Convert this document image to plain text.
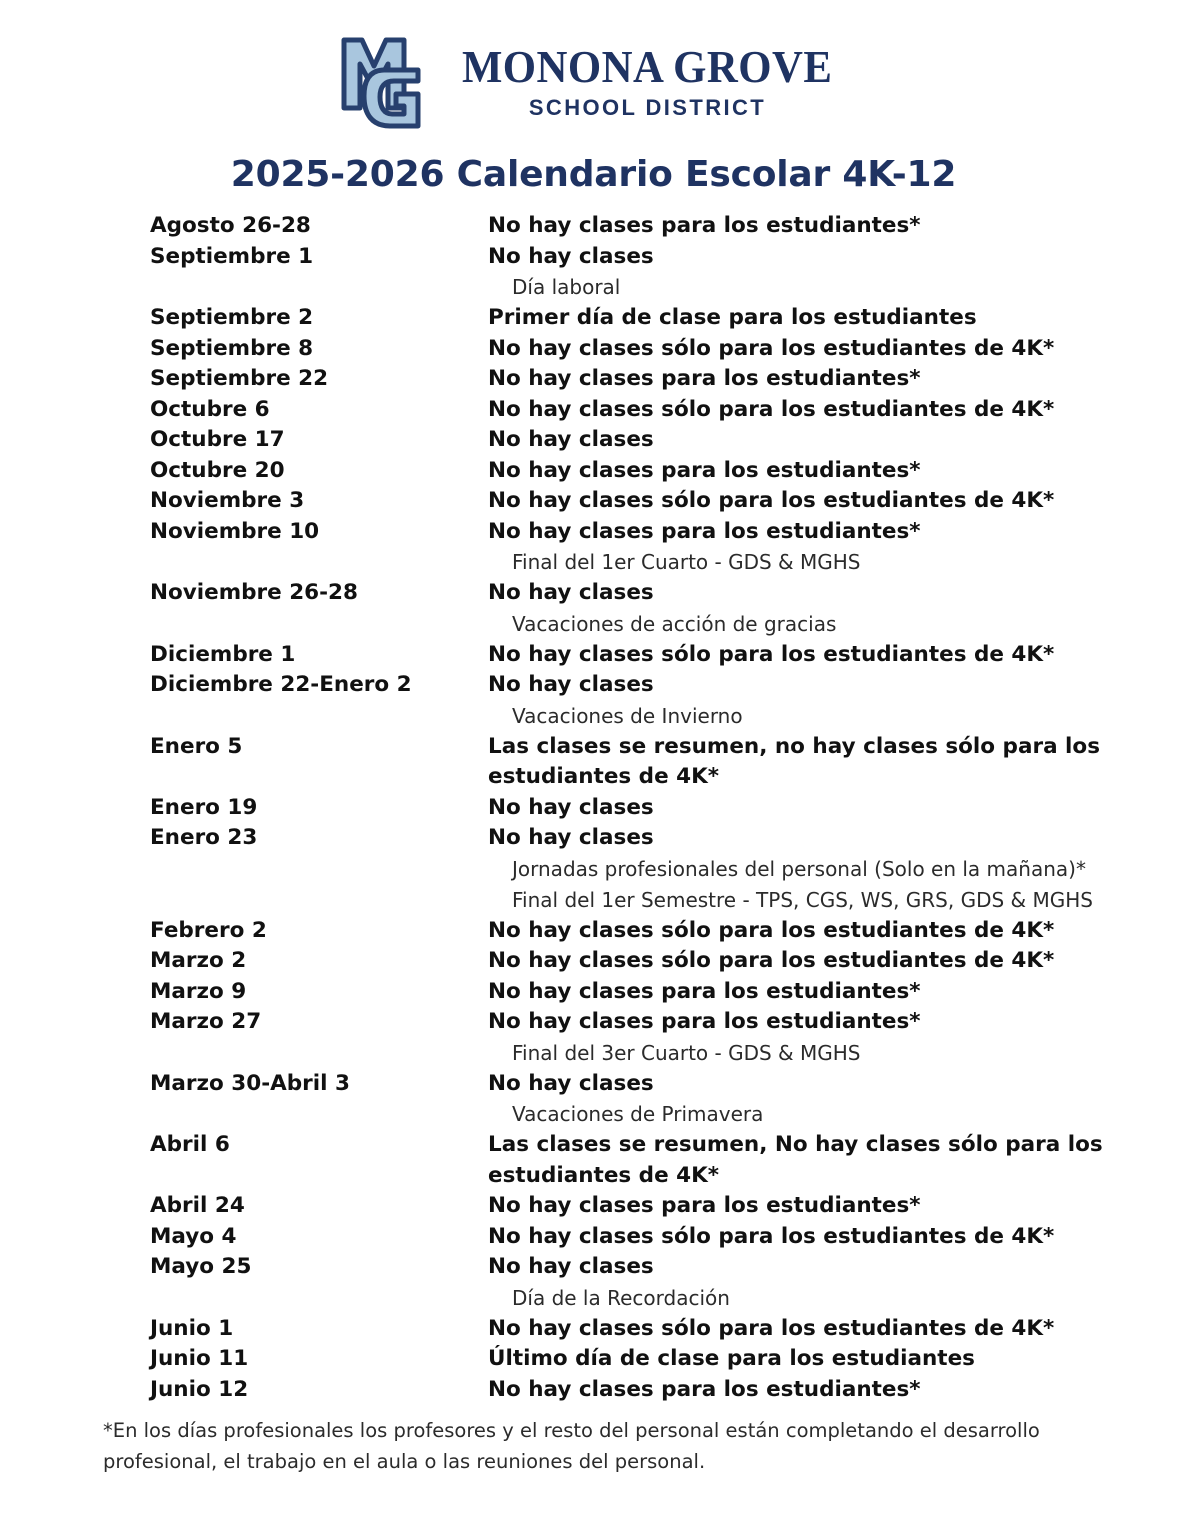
MONONA GROVE
SCHOOL DISTRICT
2025-2026 Calendario Escolar 4K-12
Agosto 26-28	No hay clases para los estudiantes*
Septiembre 1	No hay clases
Día laboral
Septiembre 2	Primer día de clase para los estudiantes
Septiembre 8	No hay clases sólo para los estudiantes de 4K*
Septiembre 22	No hay clases para los estudiantes*
Octubre 6	No hay clases sólo para los estudiantes de 4K*
Octubre 17	No hay clases
Octubre 20	No hay clases para los estudiantes*
Noviembre 3	No hay clases sólo para los estudiantes de 4K*
Noviembre 10	No hay clases para los estudiantes*
Final del 1er Cuarto - GDS & MGHS
Noviembre 26-28	No hay clases
Vacaciones de acción de gracias
Diciembre 1	No hay clases sólo para los estudiantes de 4K*
Diciembre 22-Enero 2	No hay clases
Vacaciones de Invierno
Enero 5	Las clases se resumen, no hay clases sólo para los estudiantes de 4K*
Enero 19	No hay clases
Enero 23	No hay clases
Jornadas profesionales del personal (Solo en la mañana)*
Final del 1er Semestre - TPS, CGS, WS, GRS, GDS & MGHS
Febrero 2	No hay clases sólo para los estudiantes de 4K*
Marzo 2	No hay clases sólo para los estudiantes de 4K*
Marzo 9	No hay clases para los estudiantes*
Marzo 27	No hay clases para los estudiantes*
Final del 3er Cuarto - GDS & MGHS
Marzo 30-Abril 3	No hay clases
Vacaciones de Primavera
Abril 6	Las clases se resumen, No hay clases sólo para los estudiantes de 4K*
Abril 24	No hay clases para los estudiantes*
Mayo 4	No hay clases sólo para los estudiantes de 4K*
Mayo 25	No hay clases
Día de la Recordación
Junio 1	No hay clases sólo para los estudiantes de 4K*
Junio 11	Último día de clase para los estudiantes
Junio 12	No hay clases para los estudiantes*
*En los días profesionales los profesores y el resto del personal están completando el desarrollo profesional, el trabajo en el aula o las reuniones del personal.
